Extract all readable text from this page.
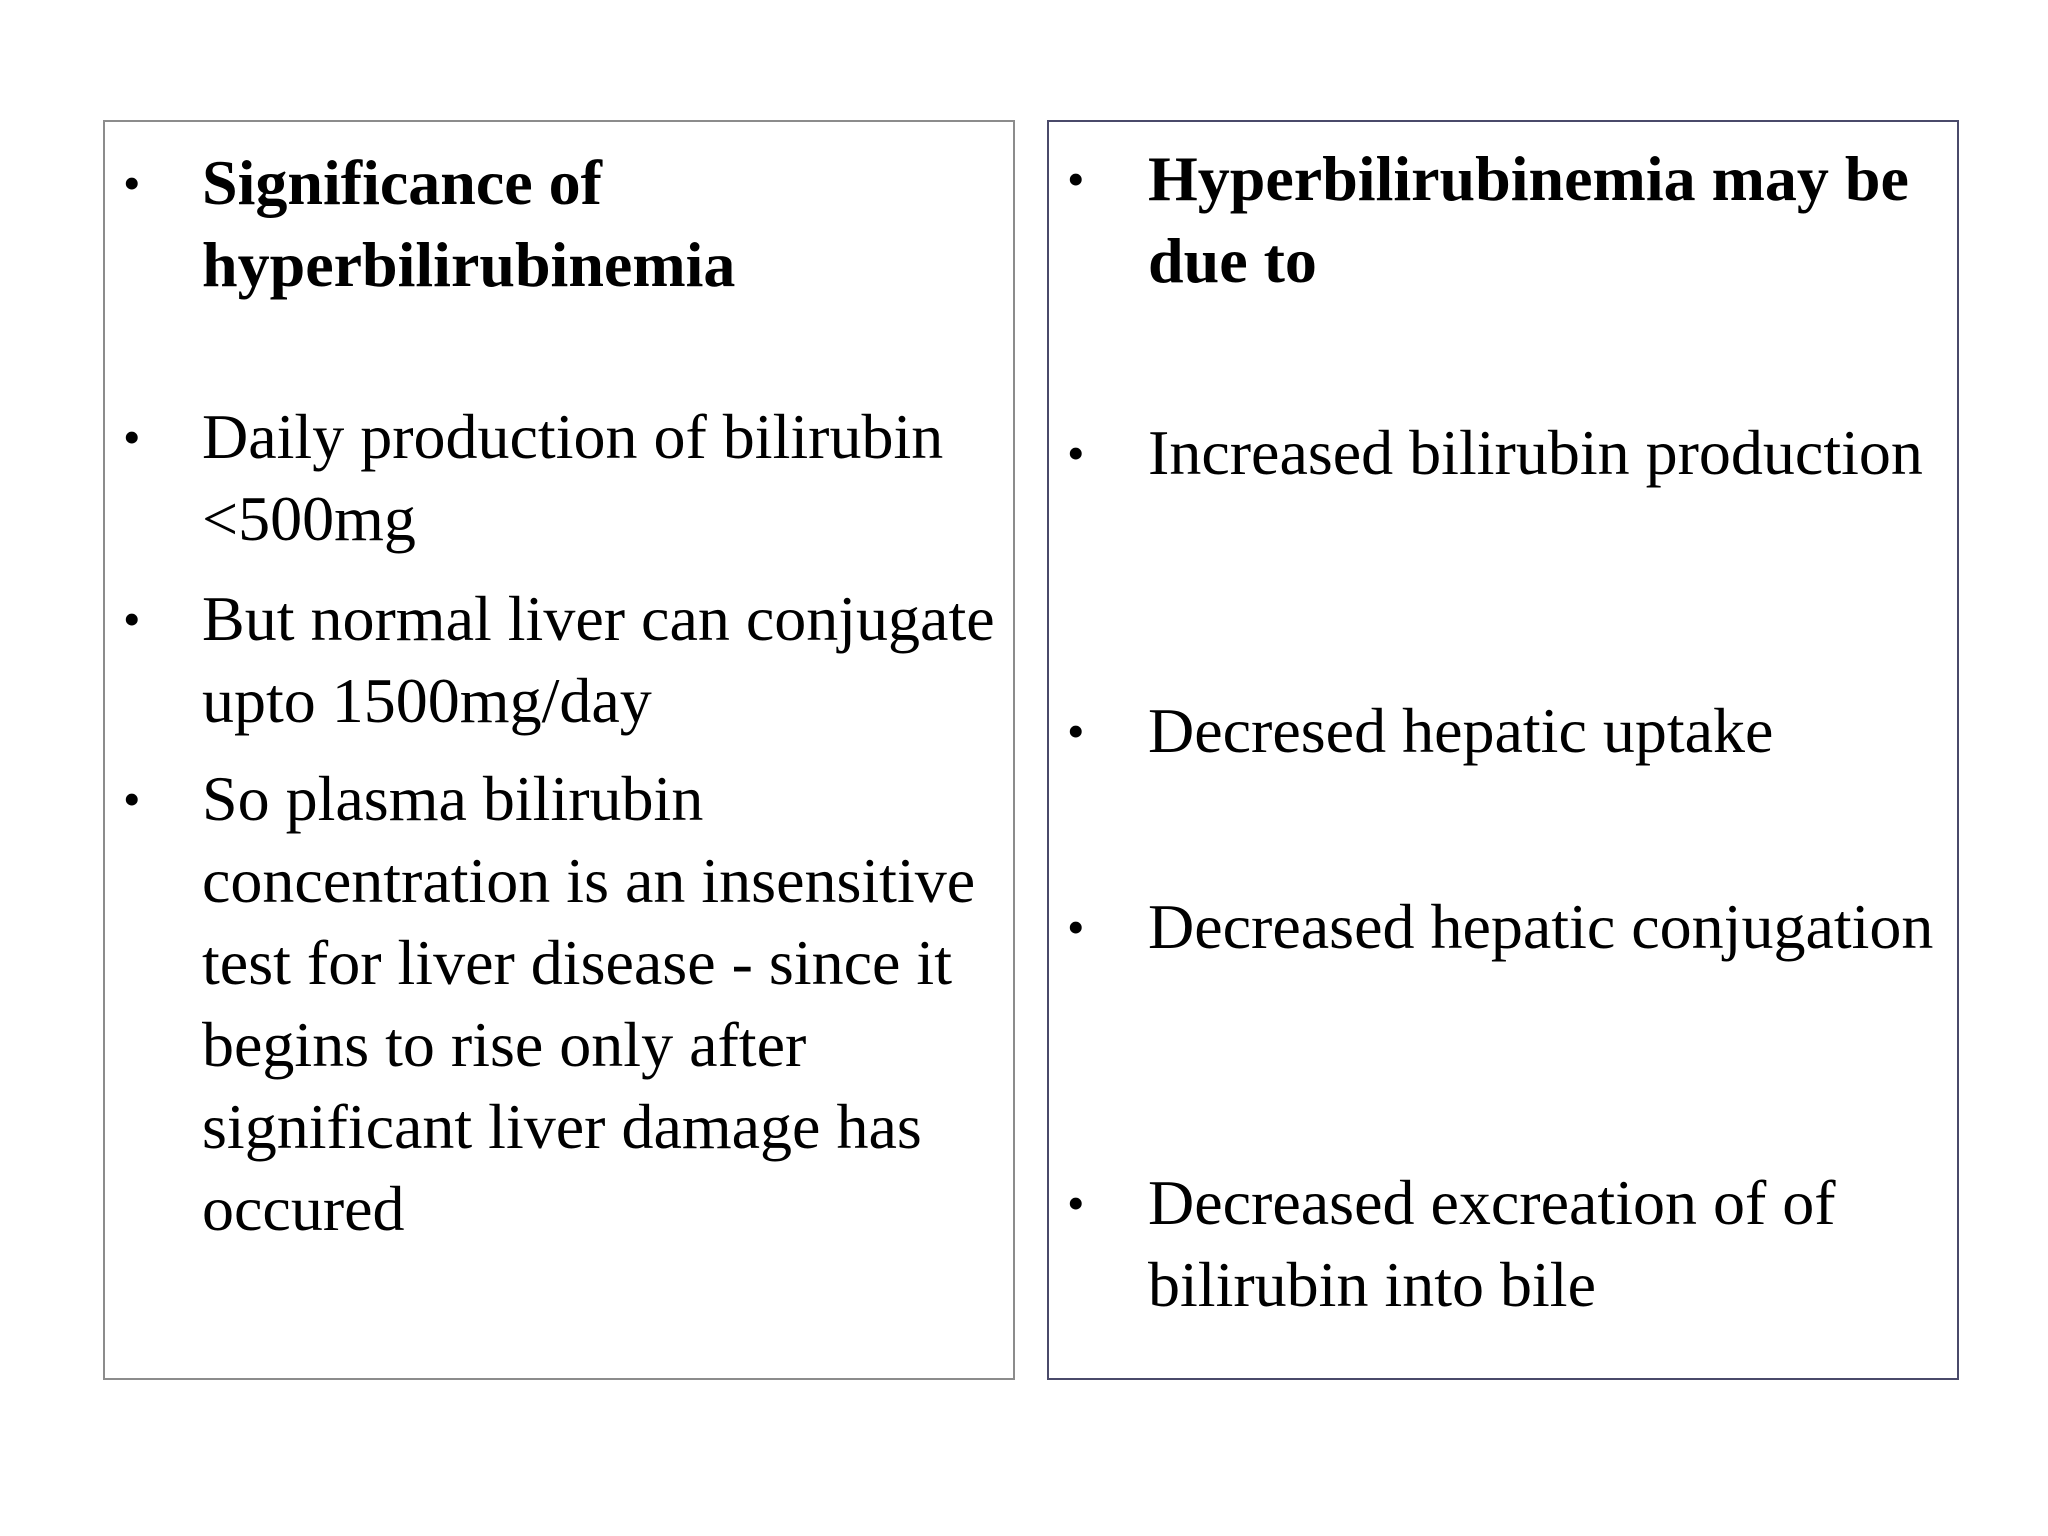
• Significance of hyperbilirubinemia
• Daily production of bilirubin <500mg
• But normal liver can conjugate upto 1500mg/day
• So plasma bilirubin concentration is an insensitive test for liver disease - since it begins to rise only after significant liver damage has occured
• Hyperbilirubinemia may be due to
• Increased bilirubin production
• Decresed hepatic uptake
• Decreased hepatic conjugation
• Decreased excreation of of bilirubin into bile
